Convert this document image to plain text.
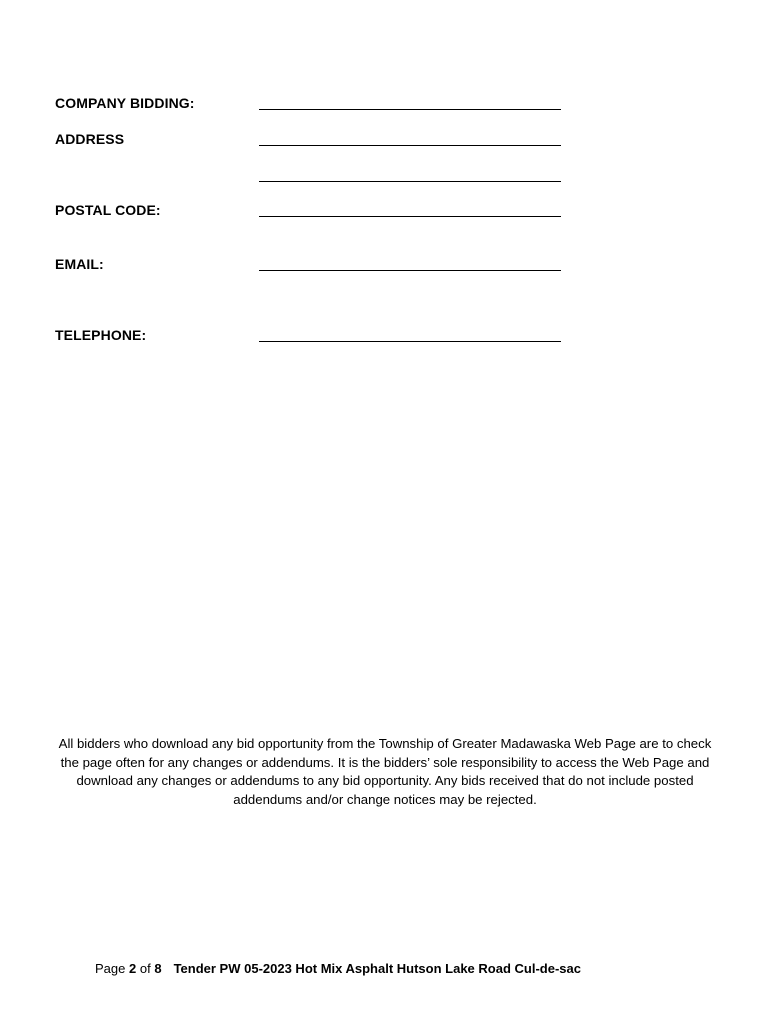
COMPANY BIDDING:
ADDRESS
POSTAL CODE:
EMAIL:
TELEPHONE:
All bidders who download any bid opportunity from the Township of Greater Madawaska Web Page are to check the page often for any changes or addendums. It is the bidders’ sole responsibility to access the Web Page and download any changes or addendums to any bid opportunity. Any bids received that do not include posted addendums and/or change notices may be rejected.
Page 2 of 8 Tender PW 05-2023 Hot Mix Asphalt Hutson Lake Road Cul-de-sac
